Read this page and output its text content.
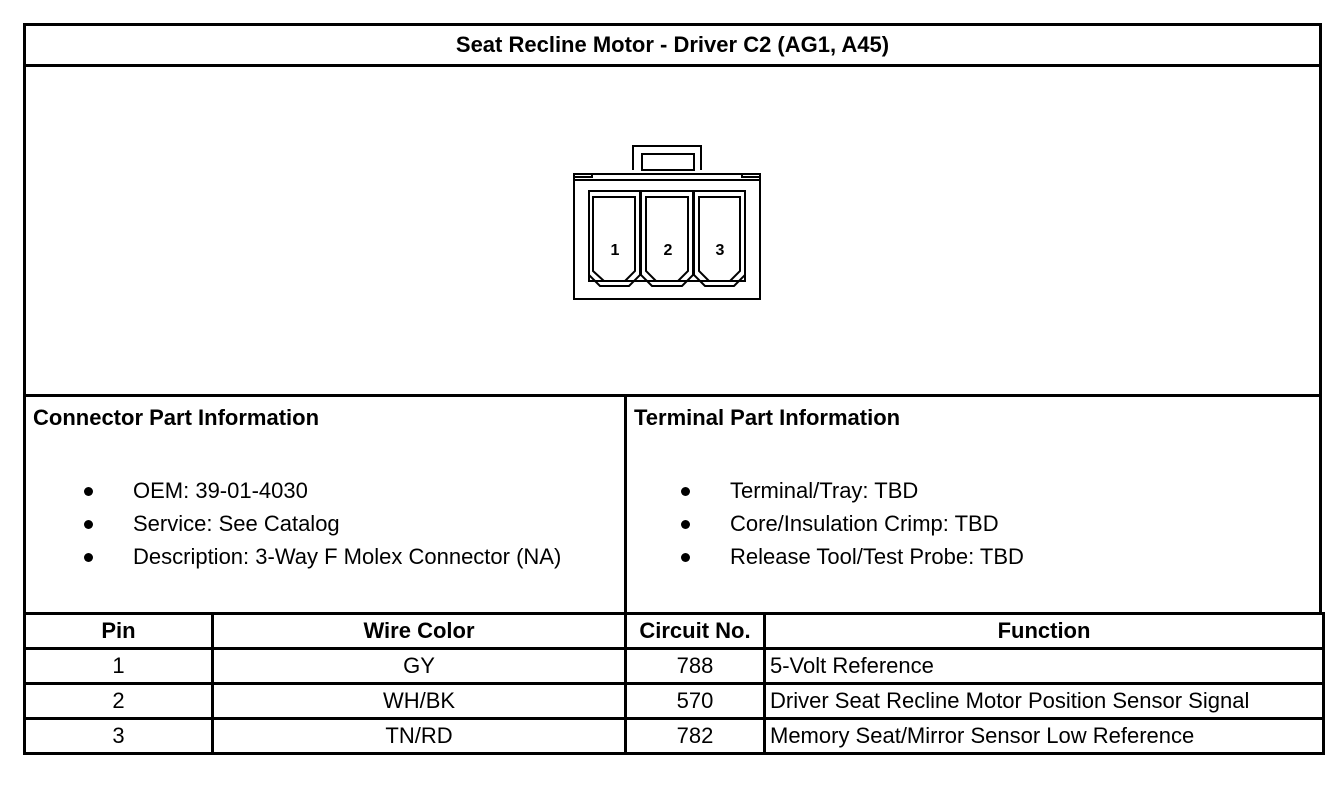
Seat Recline Motor - Driver C2 (AG1, A45)
1	2	3
Connector Part Information
OEM: 39-01-4030
Service: See Catalog
Description: 3-Way F Molex Connector (NA)
Terminal Part Information
Terminal/Tray: TBD
Core/Insulation Crimp: TBD
Release Tool/Test Probe: TBD
Pin	Wire Color	Circuit No.	Function
1	GY	788	5-Volt Reference
2	WH/BK	570	Driver Seat Recline Motor Position Sensor Signal
3	TN/RD	782	Memory Seat/Mirror Sensor Low Reference
